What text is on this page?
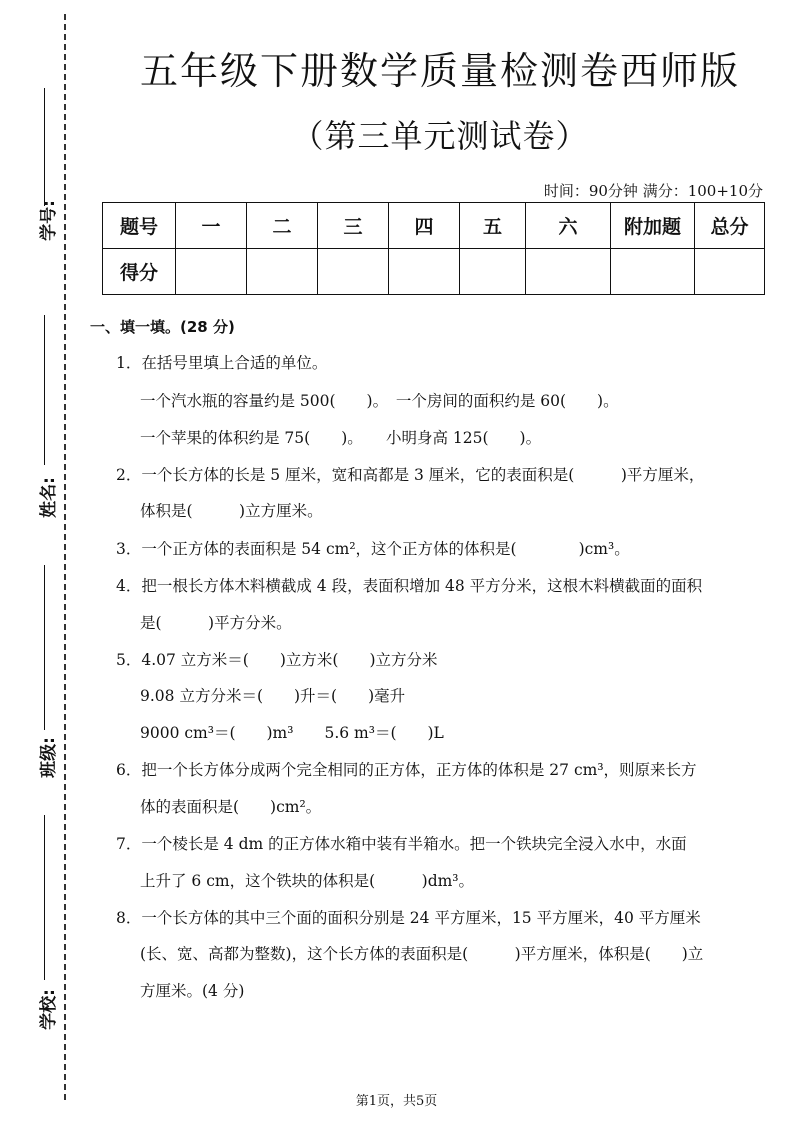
学号:
姓名:
班级:
学校:
五年级下册数学质量检测卷西师版
（第三单元测试卷）
时间：90分钟 满分：100+10分
题号	一	二	三	四	五	六	附加题	总分
得分								
一、填一填。(28 分)
1．在括号里填上合适的单位。
一个汽水瓶的容量约是 500(　　)。　一个房间的面积约是 60(　　)。
一个苹果的体积约是 75(　　)。　　小明身高 125(　　)。
2．一个长方体的长是 5 厘米，宽和高都是 3 厘米，它的表面积是(　　　)平方厘米，
体积是(　　　)立方厘米。
3．一个正方体的表面积是 54 cm²，这个正方体的体积是(　　　　)cm³。
4．把一根长方体木料横截成 4 段，表面积增加 48 平方分米，这根木料横截面的面积
是(　　　)平方分米。
5．4.07 立方米＝(　　)立方米(　　)立方分米
9.08 立方分米＝(　　)升＝(　　)毫升
9000 cm³＝(　　)m³　　5.6 m³＝(　　)L
6．把一个长方体分成两个完全相同的正方体，正方体的体积是 27 cm³，则原来长方
体的表面积是(　　)cm²。
7．一个棱长是 4 dm 的正方体水箱中装有半箱水。把一个铁块完全浸入水中，水面
上升了 6 cm，这个铁块的体积是(　　　)dm³。
8．一个长方体的其中三个面的面积分别是 24 平方厘米，15 平方厘米，40 平方厘米
(长、宽、高都为整数)，这个长方体的表面积是(　　　)平方厘米，体积是(　　)立
方厘米。(4 分)
第1页，共5页
